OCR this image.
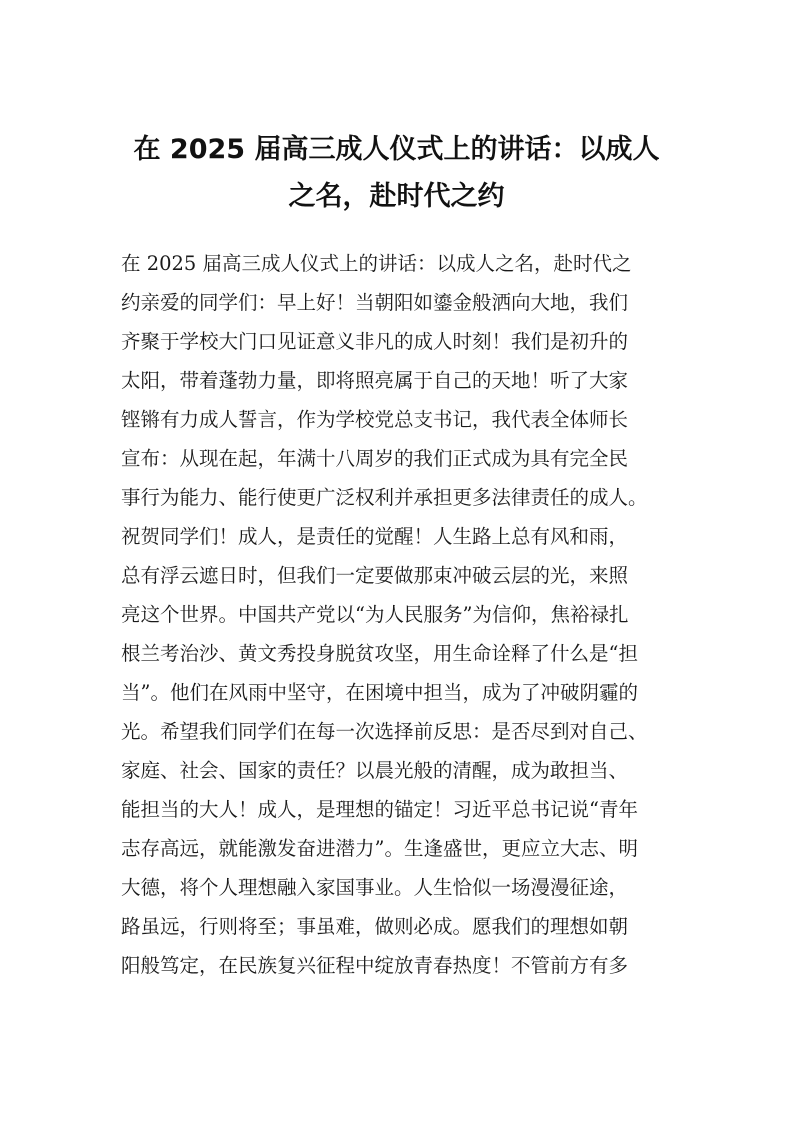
在 2025 届高三成人仪式上的讲话：以成人
之名，赴时代之约
在 2025 届高三成人仪式上的讲话：以成人之名，赴时代之
约亲爱的同学们：早上好！当朝阳如鎏金般洒向大地，我们
齐聚于学校大门口见证意义非凡的成人时刻！我们是初升的
太阳，带着蓬勃力量，即将照亮属于自己的天地！听了大家
铿锵有力成人誓言，作为学校党总支书记，我代表全体师长
宣布：从现在起，年满十八周岁的我们正式成为具有完全民
事行为能力、能行使更广泛权利并承担更多法律责任的成人。
祝贺同学们！成人，是责任的觉醒！人生路上总有风和雨，
总有浮云遮日时，但我们一定要做那束冲破云层的光，来照
亮这个世界。中国共产党以“为人民服务”为信仰，焦裕禄扎
根兰考治沙、黄文秀投身脱贫攻坚，用生命诠释了什么是“担
当”。他们在风雨中坚守，在困境中担当，成为了冲破阴霾的
光。希望我们同学们在每一次选择前反思：是否尽到对自己、
家庭、社会、国家的责任？以晨光般的清醒，成为敢担当、
能担当的大人！成人，是理想的锚定！习近平总书记说“青年
志存高远，就能激发奋进潜力”。生逢盛世，更应立大志、明
大德，将个人理想融入家国事业。人生恰似一场漫漫征途，
路虽远，行则将至；事虽难，做则必成。愿我们的理想如朝
阳般笃定，在民族复兴征程中绽放青春热度！不管前方有多
